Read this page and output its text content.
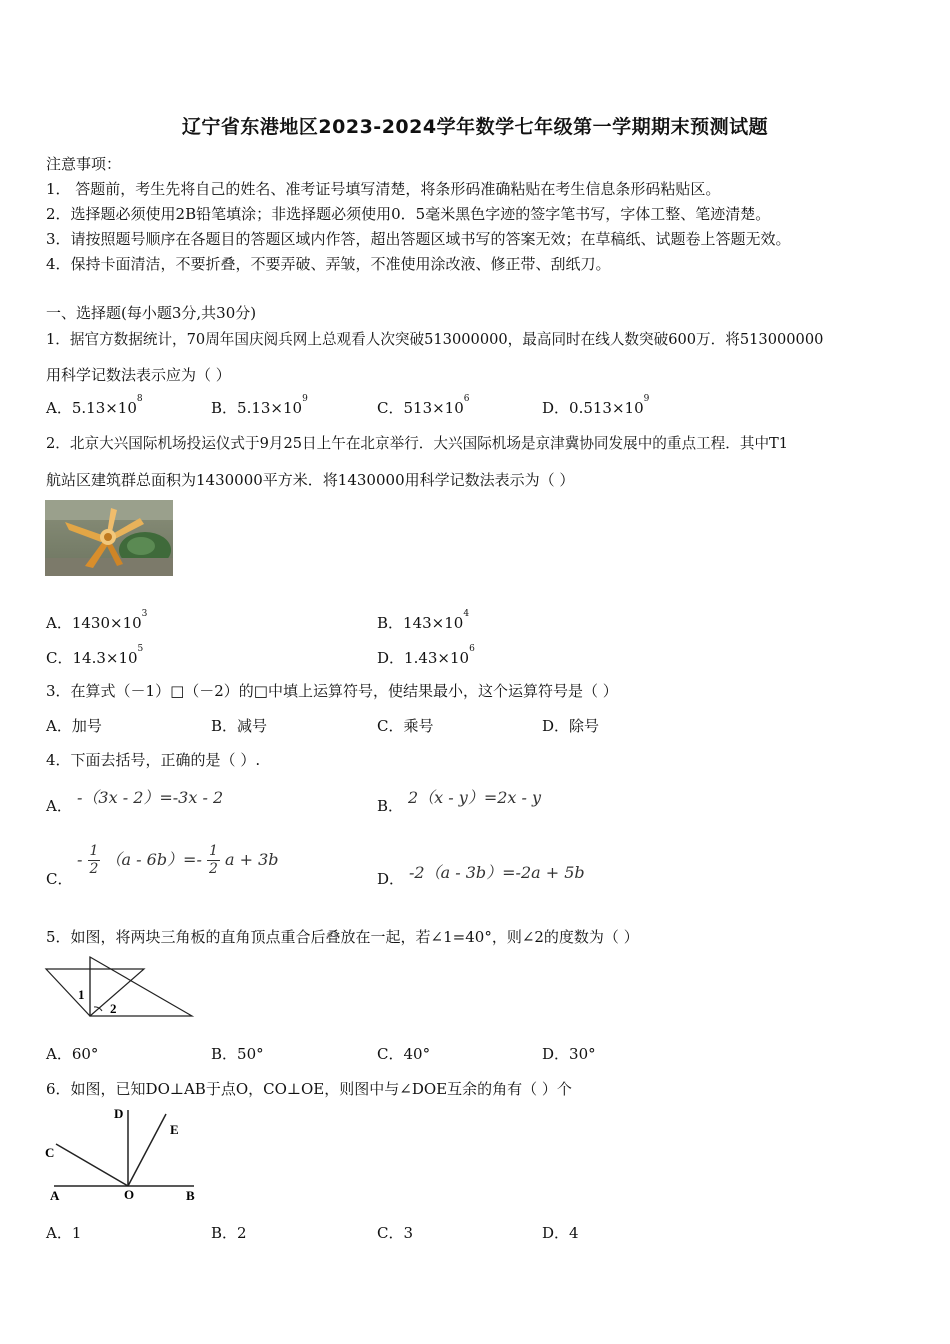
辽宁省东港地区2023-2024学年数学七年级第一学期期末预测试题
注意事项：
1． 答题前，考生先将自己的姓名、准考证号填写清楚，将条形码准确粘贴在考生信息条形码粘贴区。
2．选择题必须使用2B铅笔填涂；非选择题必须使用0．5毫米黑色字迹的签字笔书写，字体工整、笔迹清楚。
3．请按照题号顺序在各题目的答题区域内作答，超出答题区域书写的答案无效；在草稿纸、试题卷上答题无效。
4．保持卡面清洁，不要折叠，不要弄破、弄皱，不准使用涂改液、修正带、刮纸刀。
一、选择题(每小题3分,共30分)
1．据官方数据统计，70周年国庆阅兵网上总观看人次突破513000000，最高同时在线人数突破600万．将513000000
用科学记数法表示应为（ ）
A．$5.13\times 10^8$	B．$5.13\times 10^9$	C．$513\times 10^6$	D．$0.513\times 10^9$
2．北京大兴国际机场投运仪式于9月25日上午在北京举行．大兴国际机场是京津冀协同发展中的重点工程．其中T1
航站区建筑群总面积为1430000平方米．将1430000用科学记数法表示为（ ）
A．$1430\times 10^3$	B．$143\times 10^4$
C．$14.3\times 10^5$	D．$1.43\times 10^6$
3．在算式（－1）□（－2）的□中填上运算符号，使结果最小，这个运算符号是（ ）
A．加号	B．减号	C．乘号	D．除号
4．下面去括号，正确的是（ ）.
A． -（3x - 2）=-3x - 2	B． 2（x - y）=2x - y
C．
- $\frac{1}{2} (a - 6b)=- \frac{1}{2}$ a + 3b
D． -2（a - 3b）=-2a + 5b
5．如图，将两块三角板的直角顶点重合后叠放在一起，若∠1=40°，则∠2的度数为（ ）
1
2
A．60°	B．50°	C．40°	D．30°
6．如图，已知DO⊥AB于点O，CO⊥OE，则图中与∠DOE互余的角有（ ）个
D
E
C
A	O	B
A．1	B．2	C．3	D．4
